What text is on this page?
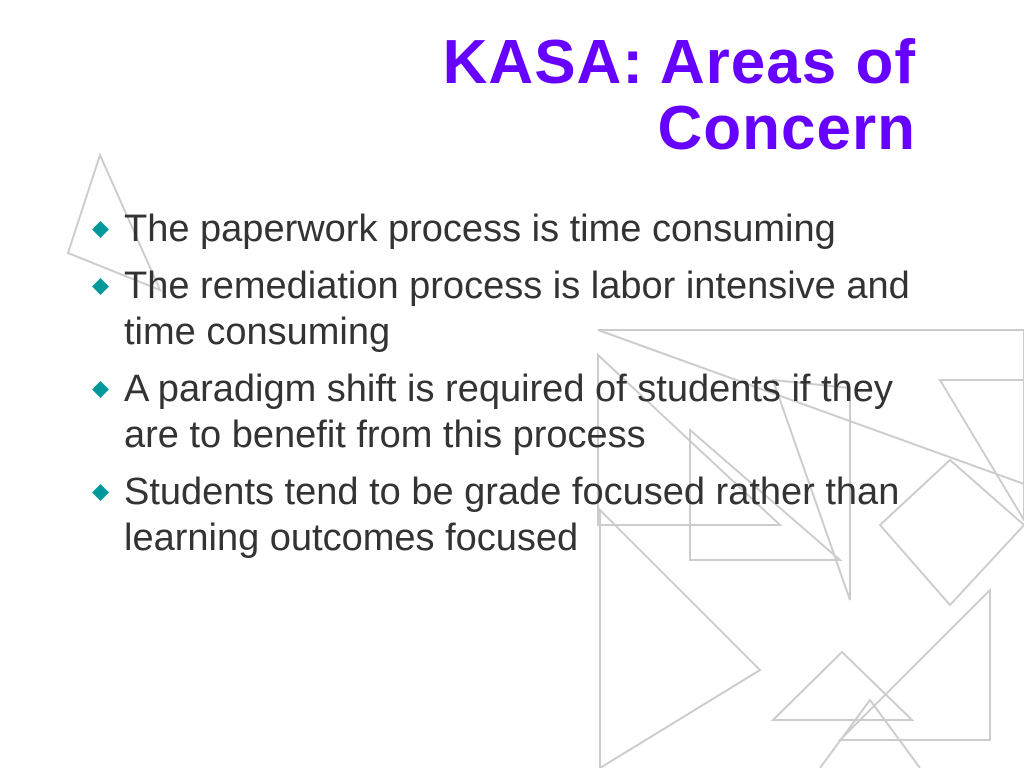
KASA: Areas of Concern
The paperwork process is time consuming
The remediation process is labor intensive and time consuming
A paradigm shift is required of students if they are to benefit from this process
Students tend to be grade focused rather than learning outcomes focused
